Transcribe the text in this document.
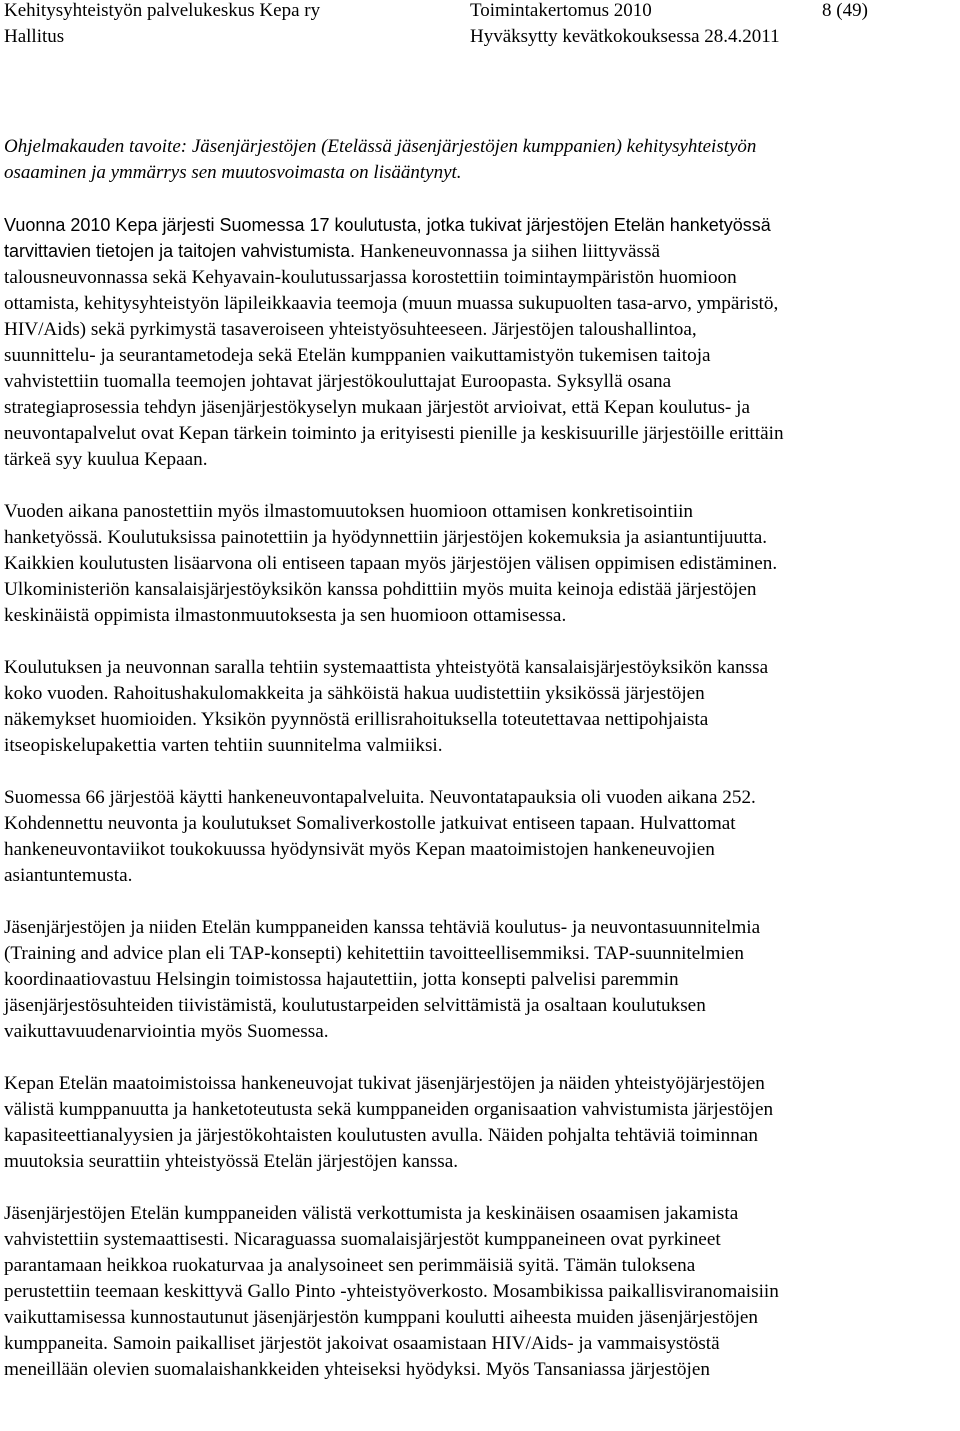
Kehitysyhteistyön palvelukeskus Kepa ry
Hallitus
Toimintakertomus 2010
Hyväksytty kevätkokouksessa 28.4.2011
8 (49)

Ohjelmakauden tavoite: Jäsenjärjestöjen (Etelässä jäsenjärjestöjen kumppanien) kehitysyhteistyön
osaaminen ja ymmärrys sen muutosvoimasta on lisääntynyt.

Vuonna 2010 Kepa järjesti Suomessa 17 koulutusta, jotka tukivat järjestöjen Etelän hanketyössä
tarvittavien tietojen ja taitojen vahvistumista. Hankeneuvonnassa ja siihen liittyvässä
talousneuvonnassa sekä Kehyavain-koulutussarjassa korostettiin toimintaympäristön huomioon
ottamista, kehitysyhteistyön läpileikkaavia teemoja (muun muassa sukupuolten tasa-arvo, ympäristö,
HIV/Aids) sekä pyrkimystä tasaveroiseen yhteistyösuhteeseen. Järjestöjen taloushallintoa,
suunnittelu- ja seurantametodeja sekä Etelän kumppanien vaikuttamistyön tukemisen taitoja
vahvistettiin tuomalla teemojen johtavat järjestökouluttajat Euroopasta. Syksyllä osana
strategiaprosessia tehdyn jäsenjärjestökyselyn mukaan järjestöt arvioivat, että Kepan koulutus- ja
neuvontapalvelut ovat Kepan tärkein toiminto ja erityisesti pienille ja keskisuurille järjestöille erittäin
tärkeä syy kuulua Kepaan.

Vuoden aikana panostettiin myös ilmastomuutoksen huomioon ottamisen konkretisointiin
hanketyössä. Koulutuksissa painotettiin ja hyödynnettiin järjestöjen kokemuksia ja asiantuntijuutta.
Kaikkien koulutusten lisäarvona oli entiseen tapaan myös järjestöjen välisen oppimisen edistäminen.
Ulkoministeriön kansalaisjärjestöyksikön kanssa pohdittiin myös muita keinoja edistää järjestöjen
keskinäistä oppimista ilmastonmuutoksesta ja sen huomioon ottamisessa.

Koulutuksen ja neuvonnan saralla tehtiin systemaattista yhteistyötä kansalaisjärjestöyksikön kanssa
koko vuoden. Rahoitushakulomakkeita ja sähköistä hakua uudistettiin yksikössä järjestöjen
näkemykset huomioiden. Yksikön pyynnöstä erillisrahoituksella toteutettavaa nettipohjaista
itseopiskelupakettia varten tehtiin suunnitelma valmiiksi.

Suomessa 66 järjestöä käytti hankeneuvontapalveluita. Neuvontatapauksia oli vuoden aikana 252.
Kohdennettu neuvonta ja koulutukset Somaliverkostolle jatkuivat entiseen tapaan. Hulvattomat
hankeneuvontaviikot toukokuussa hyödynsivät myös Kepan maatoimistojen hankeneuvojien
asiantuntemusta.

Jäsenjärjestöjen ja niiden Etelän kumppaneiden kanssa tehtäviä koulutus- ja neuvontasuunnitelmia
(Training and advice plan eli TAP-konsepti) kehitettiin tavoitteellisemmiksi. TAP-suunnitelmien
koordinaatiovastuu Helsingin toimistossa hajautettiin, jotta konsepti palvelisi paremmin
jäsenjärjestösuhteiden tiivistämistä, koulutustarpeiden selvittämistä ja osaltaan koulutuksen
vaikuttavuudenarviointia myös Suomessa.

Kepan Etelän maatoimistoissa hankeneuvojat tukivat jäsenjärjestöjen ja näiden yhteistyöjärjestöjen
välistä kumppanuutta ja hanketoteutusta sekä kumppaneiden organisaation vahvistumista järjestöjen
kapasiteettianalyysien ja järjestökohtaisten koulutusten avulla. Näiden pohjalta tehtäviä toiminnan
muutoksia seurattiin yhteistyössä Etelän järjestöjen kanssa.

Jäsenjärjestöjen Etelän kumppaneiden välistä verkottumista ja keskinäisen osaamisen jakamista
vahvistettiin systemaattisesti. Nicaraguassa suomalaisjärjestöt kumppaneineen ovat pyrkineet
parantamaan heikkoa ruokaturvaa ja analysoineet sen perimmäisiä syitä. Tämän tuloksena
perustettiin teemaan keskittyvä Gallo Pinto -yhteistyöverkosto. Mosambikissa paikallisviranomaisiin
vaikuttamisessa kunnostautunut jäsenjärjestön kumppani koulutti aiheesta muiden jäsenjärjestöjen
kumppaneita. Samoin paikalliset järjestöt jakoivat osaamistaan HIV/Aids- ja vammaisystöstä
meneillään olevien suomalaishankkeiden yhteiseksi hyödyksi. Myös Tansaniassa järjestöjen
